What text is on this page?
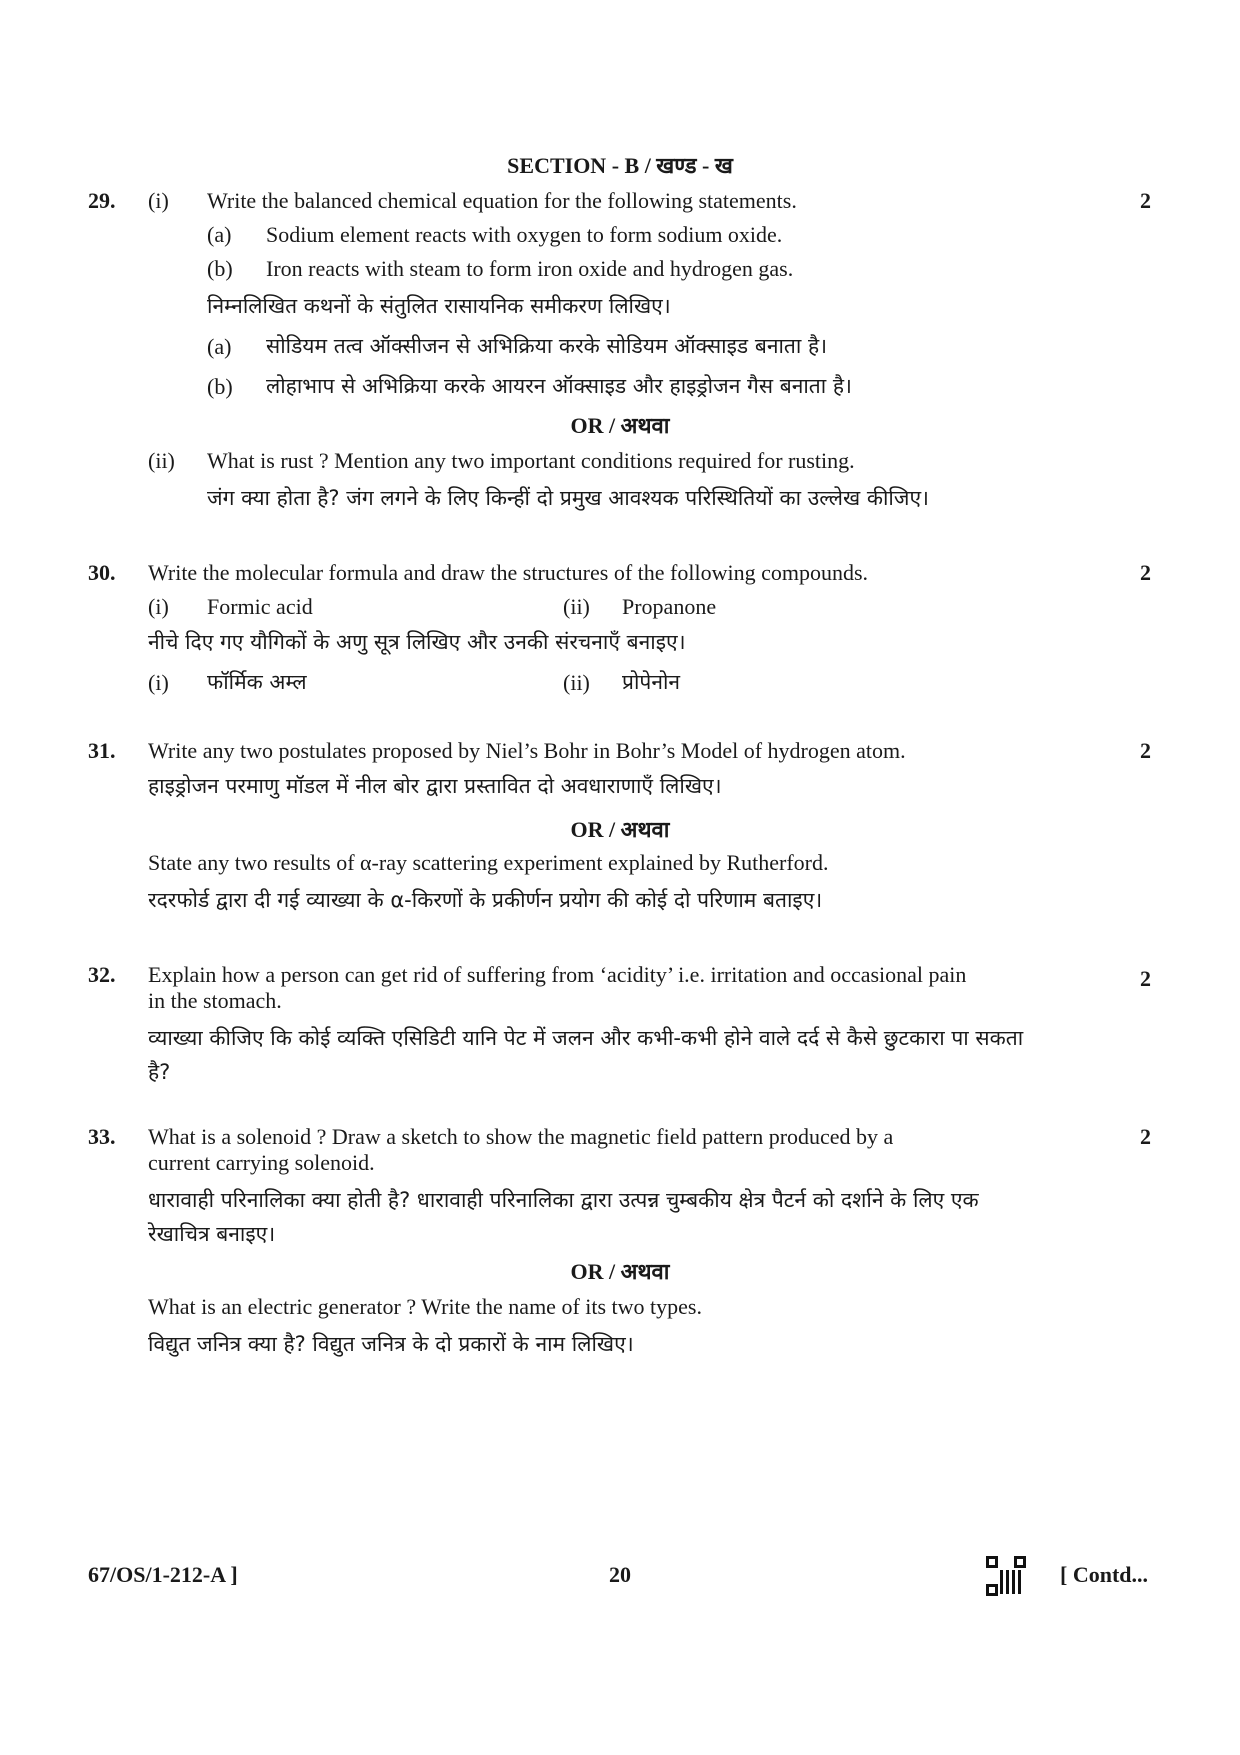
SECTION - B / खण्ड - ख
29. (i) Write the balanced chemical equation for the following statements.	2
(a) Sodium element reacts with oxygen to form sodium oxide.
(b) Iron reacts with steam to form iron oxide and hydrogen gas.
निम्नलिखित कथनों के संतुलित रासायनिक समीकरण लिखिए।
(a) सोडियम तत्व ऑक्सीजन से अभिक्रिया करके सोडियम ऑक्साइड बनाता है।
(b) लोहाभाप से अभिक्रिया करके आयरन ऑक्साइड और हाइड्रोजन गैस बनाता है।
OR / अथवा
(ii) What is rust ? Mention any two important conditions required for rusting.
जंग क्या होता है? जंग लगने के लिए किन्हीं दो प्रमुख आवश्यक परिस्थितियों का उल्लेख कीजिए।
30. Write the molecular formula and draw the structures of the following compounds.	2
(i) Formic acid	(ii) Propanone
नीचे दिए गए यौगिकों के अणु सूत्र लिखिए और उनकी संरचनाएँ बनाइए।
(i) फॉर्मिक अम्ल	(ii) प्रोपेनोन
31. Write any two postulates proposed by Niel’s Bohr in Bohr’s Model of hydrogen atom.	2
हाइड्रोजन परमाणु मॉडल में नील बोर द्वारा प्रस्तावित दो अवधाराणाएँ लिखिए।
OR / अथवा
State any two results of α-ray scattering experiment explained by Rutherford.
रदरफोर्ड द्वारा दी गई व्याख्या के α-किरणों के प्रकीर्णन प्रयोग की कोई दो परिणाम बताइए।
32. Explain how a person can get rid of suffering from ‘acidity’ i.e. irritation and occasional pain	2
in the stomach.
व्याख्या कीजिए कि कोई व्यक्ति एसिडिटी यानि पेट में जलन और कभी-कभी होने वाले दर्द से कैसे छुटकारा पा सकता
है?
33. What is a solenoid ? Draw a sketch to show the magnetic field pattern produced by a	2
current carrying solenoid.
धारावाही परिनालिका क्या होती है? धारावाही परिनालिका द्वारा उत्पन्न चुम्बकीय क्षेत्र पैटर्न को दर्शाने के लिए एक
रेखाचित्र बनाइए।
OR / अथवा
What is an electric generator ? Write the name of its two types.
विद्युत जनित्र क्या है? विद्युत जनित्र के दो प्रकारों के नाम लिखिए।
67/OS/1-212-A ]	20	[ Contd...
